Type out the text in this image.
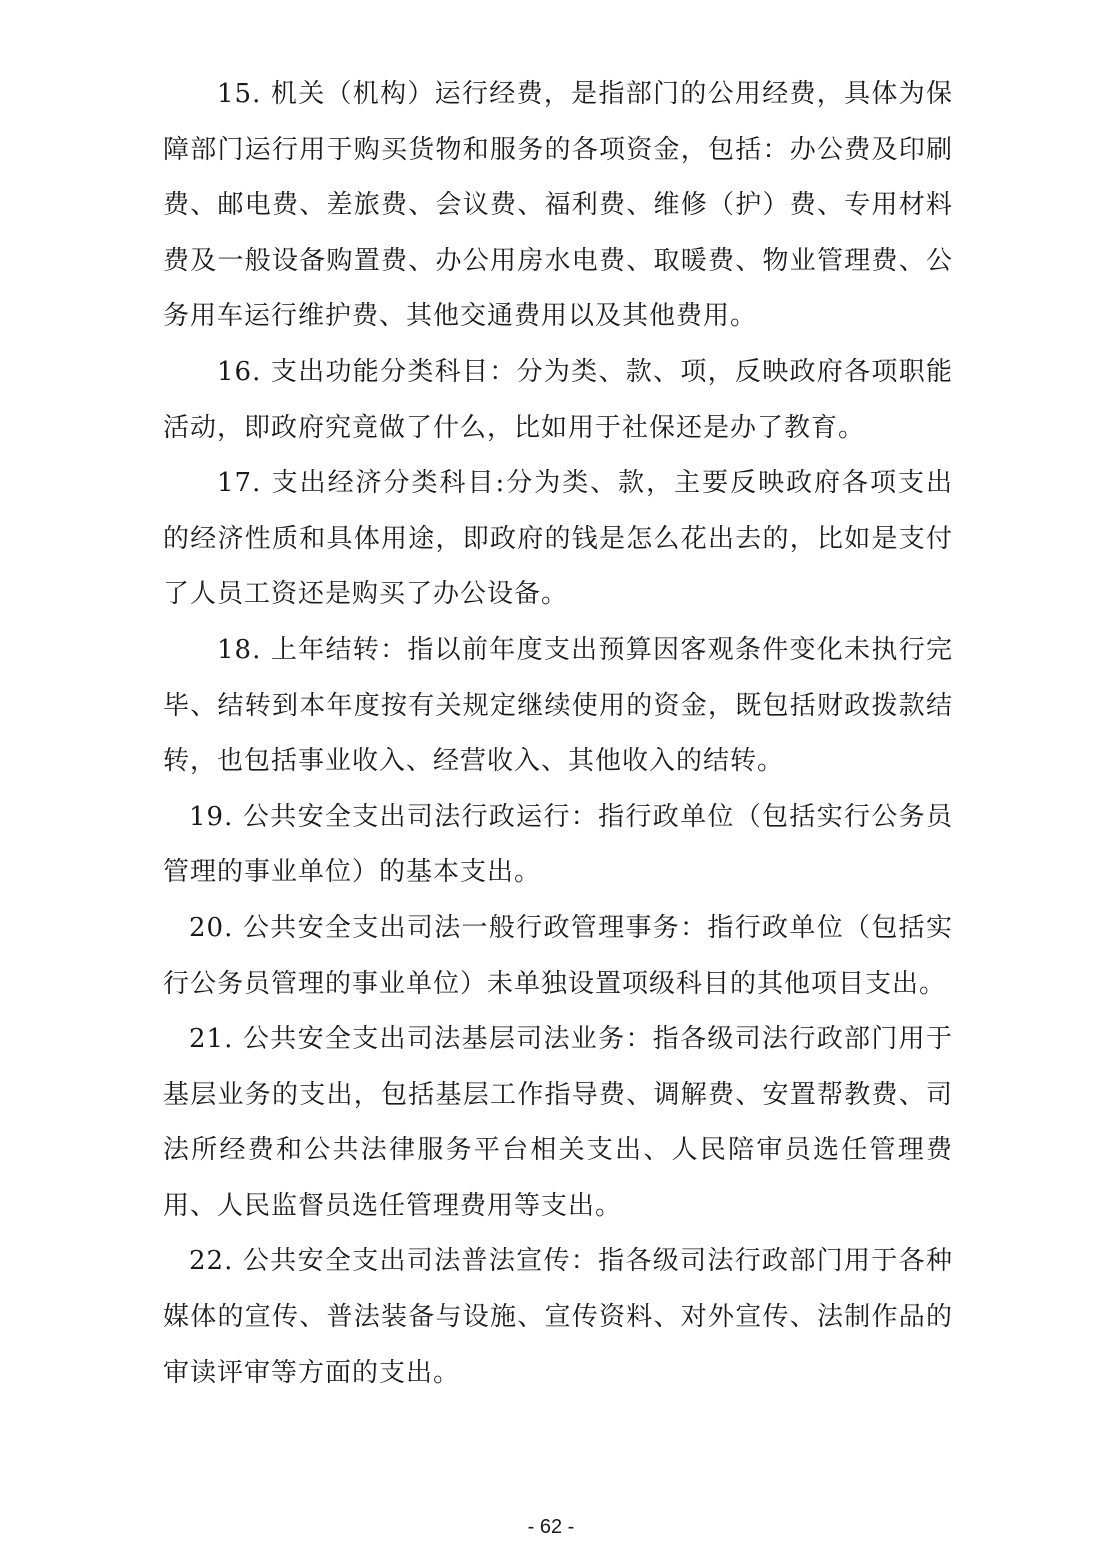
15. 机关（机构）运行经费，是指部门的公用经费，具体为保障部门运行用于购买货物和服务的各项资金，包括：办公费及印刷费、邮电费、差旅费、会议费、福利费、维修（护）费、专用材料费及一般设备购置费、办公用房水电费、取暖费、物业管理费、公务用车运行维护费、其他交通费用以及其他费用。

16. 支出功能分类科目：分为类、款、项，反映政府各项职能活动，即政府究竟做了什么，比如用于社保还是办了教育。

17. 支出经济分类科目:分为类、款，主要反映政府各项支出的经济性质和具体用途，即政府的钱是怎么花出去的，比如是支付了人员工资还是购买了办公设备。

18. 上年结转：指以前年度支出预算因客观条件变化未执行完毕、结转到本年度按有关规定继续使用的资金，既包括财政拨款结转，也包括事业收入、经营收入、其他收入的结转。

19. 公共安全支出司法行政运行：指行政单位（包括实行公务员管理的事业单位）的基本支出。

20. 公共安全支出司法一般行政管理事务：指行政单位（包括实行公务员管理的事业单位）未单独设置项级科目的其他项目支出。

21. 公共安全支出司法基层司法业务：指各级司法行政部门用于基层业务的支出，包括基层工作指导费、调解费、安置帮教费、司法所经费和公共法律服务平台相关支出、人民陪审员选任管理费用、人民监督员选任管理费用等支出。

22. 公共安全支出司法普法宣传：指各级司法行政部门用于各种媒体的宣传、普法装备与设施、宣传资料、对外宣传、法制作品的审读评审等方面的支出。

- 62 -
